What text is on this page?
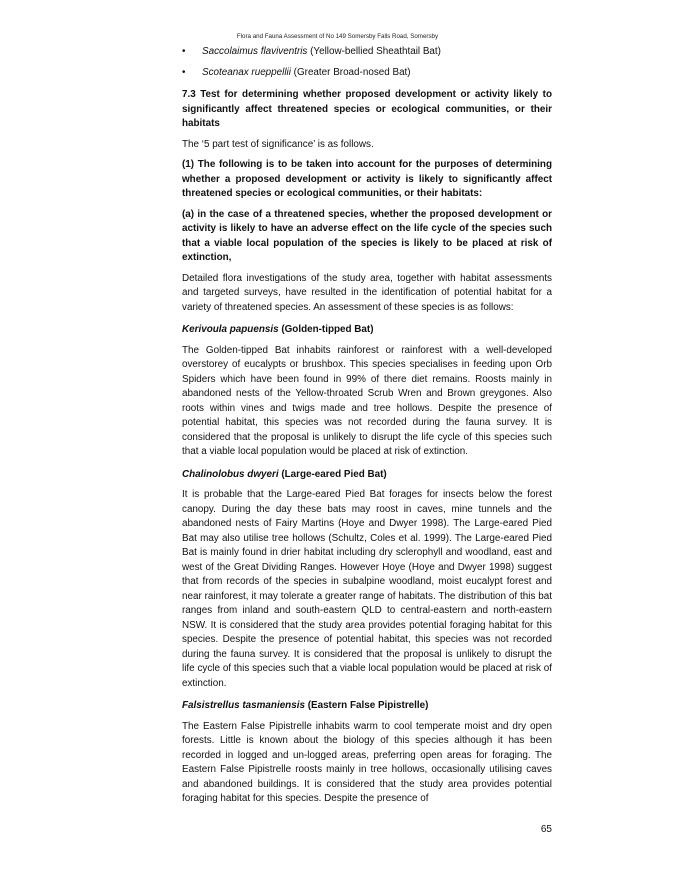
Flora and Fauna Assessment of No 149 Somersby Falls Road, Somersby
• Saccolaimus flaviventris (Yellow-bellied Sheathtail Bat)
• Scoteanax rueppellii (Greater Broad-nosed Bat)

7.3 Test for determining whether proposed development or activity likely to significantly affect threatened species or ecological communities, or their habitats

The ‘5 part test of significance’ is as follows.

(1) The following is to be taken into account for the purposes of determining whether a proposed development or activity is likely to significantly affect threatened species or ecological communities, or their habitats:

(a) in the case of a threatened species, whether the proposed development or activity is likely to have an adverse effect on the life cycle of the species such that a viable local population of the species is likely to be placed at risk of extinction,

Detailed flora investigations of the study area, together with habitat assessments and targeted surveys, have resulted in the identification of potential habitat for a variety of threatened species. An assessment of these species is as follows:

Kerivoula papuensis (Golden-tipped Bat)

The Golden-tipped Bat inhabits rainforest or rainforest with a well-developed overstorey of eucalypts or brushbox. This species specialises in feeding upon Orb Spiders which have been found in 99% of there diet remains. Roosts mainly in abandoned nests of the Yellow-throated Scrub Wren and Brown greygones. Also roots within vines and twigs made and tree hollows. Despite the presence of potential habitat, this species was not recorded during the fauna survey. It is considered that the proposal is unlikely to disrupt the life cycle of this species such that a viable local population would be placed at risk of extinction.

Chalinolobus dwyeri (Large-eared Pied Bat)

It is probable that the Large-eared Pied Bat forages for insects below the forest canopy. During the day these bats may roost in caves, mine tunnels and the abandoned nests of Fairy Martins (Hoye and Dwyer 1998). The Large-eared Pied Bat may also utilise tree hollows (Schultz, Coles et al. 1999). The Large-eared Pied Bat is mainly found in drier habitat including dry sclerophyll and woodland, east and west of the Great Dividing Ranges. However Hoye (Hoye and Dwyer 1998) suggest that from records of the species in subalpine woodland, moist eucalypt forest and near rainforest, it may tolerate a greater range of habitats. The distribution of this bat ranges from inland and south-eastern QLD to central-eastern and north-eastern NSW. It is considered that the study area provides potential foraging habitat for this species. Despite the presence of potential habitat, this species was not recorded during the fauna survey. It is considered that the proposal is unlikely to disrupt the life cycle of this species such that a viable local population would be placed at risk of extinction.

Falsistrellus tasmaniensis (Eastern False Pipistrelle)

The Eastern False Pipistrelle inhabits warm to cool temperate moist and dry open forests. Little is known about the biology of this species although it has been recorded in logged and un-logged areas, preferring open areas for foraging. The Eastern False Pipistrelle roosts mainly in tree hollows, occasionally utilising caves and abandoned buildings. It is considered that the study area provides potential foraging habitat for this species. Despite the presence of

65
